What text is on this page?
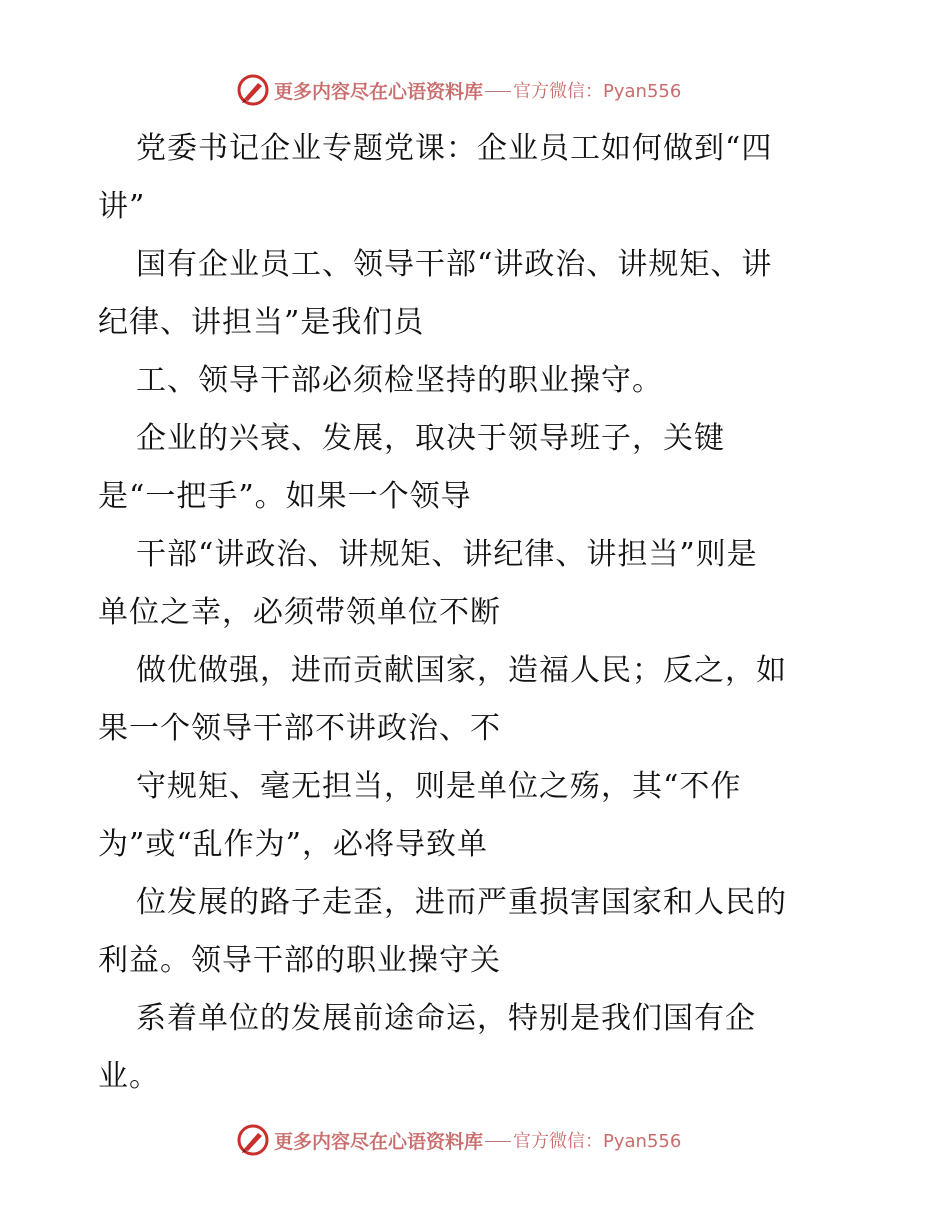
更多内容尽在心语资料库 官方微信：Pyan556
党委书记企业专题党课：企业员工如何做到“四
讲”
国有企业员工、领导干部“讲政治、讲规矩、讲
纪律、讲担当”是我们员
工、领导干部必须检坚持的职业操守。
企业的兴衰、发展，取决于领导班子，关键
是“一把手”。如果一个领导
干部“讲政治、讲规矩、讲纪律、讲担当”则是
单位之幸，必须带领单位不断
做优做强，进而贡献国家，造福人民；反之，如
果一个领导干部不讲政治、不
守规矩、毫无担当，则是单位之殇，其“不作
为”或“乱作为”，必将导致单
位发展的路子走歪，进而严重损害国家和人民的
利益。领导干部的职业操守关
系着单位的发展前途命运，特别是我们国有企
业。
更多内容尽在心语资料库 官方微信：Pyan556
